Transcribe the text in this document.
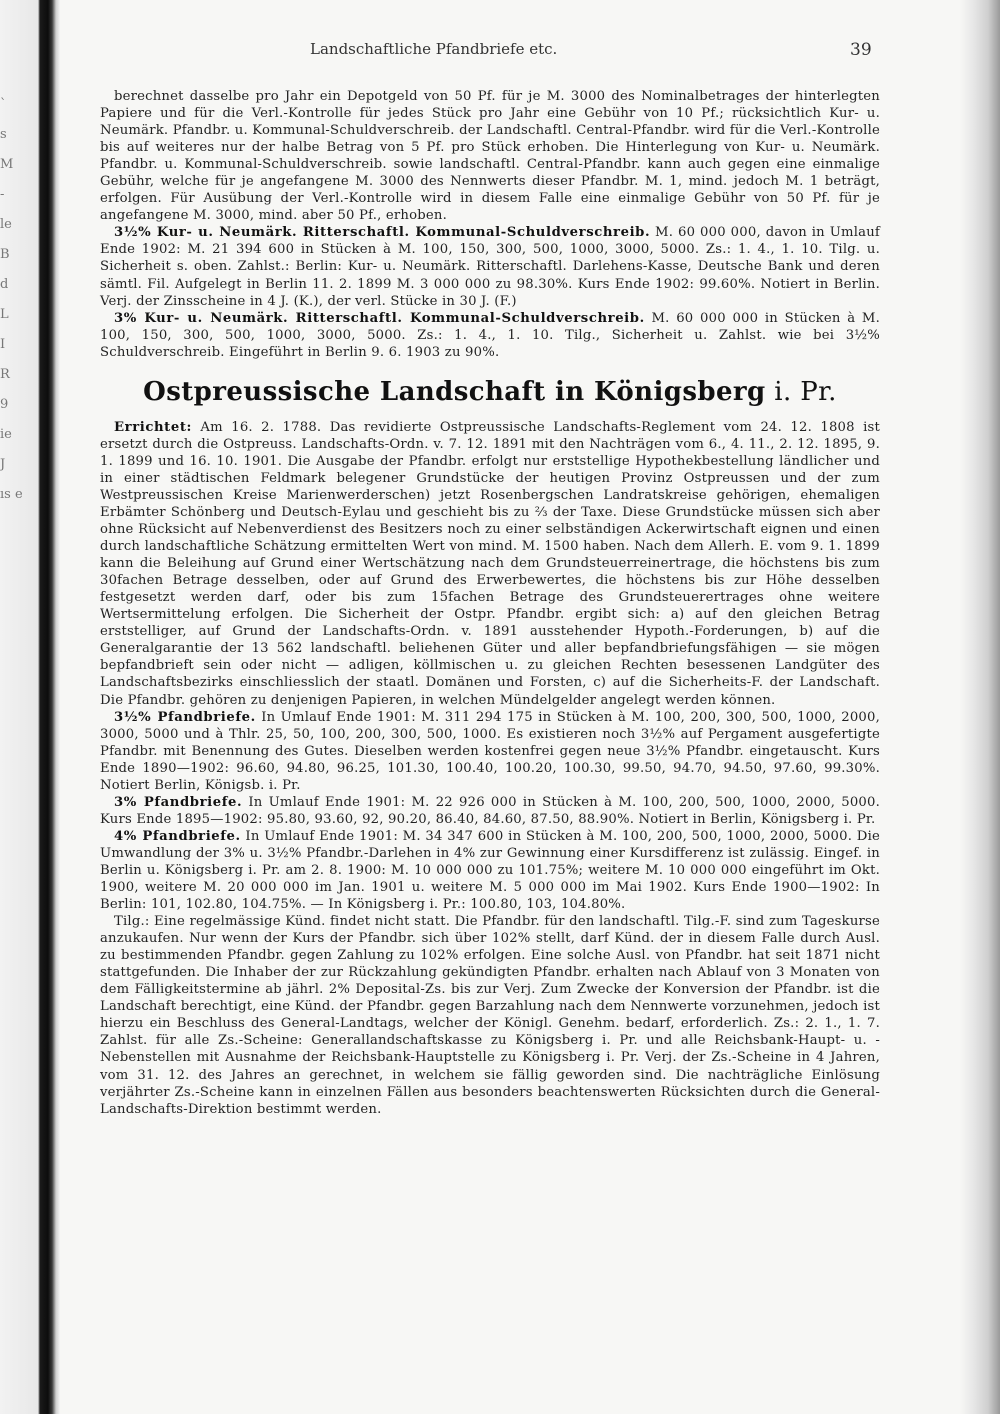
ˋ
s
M
-
le
B
d
L
I
R
9
ie
J
ıs e
Landschaftliche Pfandbriefe etc.	39

berechnet dasselbe pro Jahr ein Depotgeld von 50 Pf. für je M. 3000 des Nominalbetrages der hinterlegten Papiere und für die Verl.-Kontrolle für jedes Stück pro Jahr eine Gebühr von 10 Pf.; rücksichtlich Kur- u. Neumärk. Pfandbr. u. Kommunal-Schuldverschreib. der Landschaftl. Central-Pfandbr. wird für die Verl.-Kontrolle bis auf weiteres nur der halbe Betrag von 5 Pf. pro Stück erhoben. Die Hinterlegung von Kur- u. Neumärk. Pfandbr. u. Kommunal-Schuldverschreib. sowie landschaftl. Central-Pfandbr. kann auch gegen eine einmalige Gebühr, welche für je angefangene M. 3000 des Nennwerts dieser Pfandbr. M. 1, mind. jedoch M. 1 beträgt, erfolgen. Für Ausübung der Verl.-Kontrolle wird in diesem Falle eine einmalige Gebühr von 50 Pf. für je angefangene M. 3000, mind. aber 50 Pf., erhoben.

3½% Kur- u. Neumärk. Ritterschaftl. Kommunal-Schuldverschreib. M. 60 000 000, davon in Umlauf Ende 1902: M. 21 394 600 in Stücken à M. 100, 150, 300, 500, 1000, 3000, 5000. Zs.: 1. 4., 1. 10. Tilg. u. Sicherheit s. oben. Zahlst.: Berlin: Kur- u. Neumärk. Ritterschaftl. Darlehens-Kasse, Deutsche Bank und deren sämtl. Fil. Aufgelegt in Berlin 11. 2. 1899 M. 3 000 000 zu 98.30%. Kurs Ende 1902: 99.60%. Notiert in Berlin. Verj. der Zinsscheine in 4 J. (K.), der verl. Stücke in 30 J. (F.)

3% Kur- u. Neumärk. Ritterschaftl. Kommunal-Schuldverschreib. M. 60 000 000 in Stücken à M. 100, 150, 300, 500, 1000, 3000, 5000. Zs.: 1. 4., 1. 10. Tilg., Sicherheit u. Zahlst. wie bei 3½% Schuldverschreib. Eingeführt in Berlin 9. 6. 1903 zu 90%.

Ostpreussische Landschaft in Königsberg i. Pr.

Errichtet: Am 16. 2. 1788. Das revidierte Ostpreussische Landschafts-Reglement vom 24. 12. 1808 ist ersetzt durch die Ostpreuss. Landschafts-Ordn. v. 7. 12. 1891 mit den Nachträgen vom 6., 4. 11., 2. 12. 1895, 9. 1. 1899 und 16. 10. 1901. Die Ausgabe der Pfandbr. erfolgt nur erststellige Hypothekbestellung ländlicher und in einer städtischen Feldmark belegener Grundstücke der heutigen Provinz Ostpreussen und der zum Westpreussischen Kreise Marienwerderschen) jetzt Rosenbergschen Landratskreise gehörigen, ehemaligen Erbämter Schönberg und Deutsch-Eylau und geschieht bis zu ⅔ der Taxe. Diese Grundstücke müssen sich aber ohne Rücksicht auf Nebenverdienst des Besitzers noch zu einer selbständigen Ackerwirtschaft eignen und einen durch landschaftliche Schätzung ermittelten Wert von mind. M. 1500 haben. Nach dem Allerh. E. vom 9. 1. 1899 kann die Beleihung auf Grund einer Wertschätzung nach dem Grundsteuerreinertrage, die höchstens bis zum 30fachen Betrage desselben, oder auf Grund des Erwerbewertes, die höchstens bis zur Höhe desselben festgesetzt werden darf, oder bis zum 15fachen Betrage des Grundsteuerertrages ohne weitere Wertsermittelung erfolgen. Die Sicherheit der Ostpr. Pfandbr. ergibt sich: a) auf den gleichen Betrag erststelliger, auf Grund der Landschafts-Ordn. v. 1891 ausstehender Hypoth.-Forderungen, b) auf die Generalgarantie der 13 562 landschaftl. beliehenen Güter und aller bepfandbriefungsfähigen — sie mögen bepfandbrieft sein oder nicht — adligen, köllmischen u. zu gleichen Rechten besessenen Landgüter des Landschaftsbezirks einschliesslich der staatl. Domänen und Forsten, c) auf die Sicherheits-F. der Landschaft. Die Pfandbr. gehören zu denjenigen Papieren, in welchen Mündelgelder angelegt werden können.

3½% Pfandbriefe. In Umlauf Ende 1901: M. 311 294 175 in Stücken à M. 100, 200, 300, 500, 1000, 2000, 3000, 5000 und à Thlr. 25, 50, 100, 200, 300, 500, 1000. Es existieren noch 3½% auf Pergament ausgefertigte Pfandbr. mit Benennung des Gutes. Dieselben werden kostenfrei gegen neue 3½% Pfandbr. eingetauscht. Kurs Ende 1890—1902: 96.60, 94.80, 96.25, 101.30, 100.40, 100.20, 100.30, 99.50, 94.70, 94.50, 97.60, 99.30%. Notiert Berlin, Königsb. i. Pr.

3% Pfandbriefe. In Umlauf Ende 1901: M. 22 926 000 in Stücken à M. 100, 200, 500, 1000, 2000, 5000. Kurs Ende 1895—1902: 95.80, 93.60, 92, 90.20, 86.40, 84.60, 87.50, 88.90%. Notiert in Berlin, Königsberg i. Pr.

4% Pfandbriefe. In Umlauf Ende 1901: M. 34 347 600 in Stücken à M. 100, 200, 500, 1000, 2000, 5000. Die Umwandlung der 3% u. 3½% Pfandbr.-Darlehen in 4% zur Gewinnung einer Kursdifferenz ist zulässig. Eingef. in Berlin u. Königsberg i. Pr. am 2. 8. 1900: M. 10 000 000 zu 101.75%; weitere M. 10 000 000 eingeführt im Okt. 1900, weitere M. 20 000 000 im Jan. 1901 u. weitere M. 5 000 000 im Mai 1902. Kurs Ende 1900—1902: In Berlin: 101, 102.80, 104.75%. — In Königsberg i. Pr.: 100.80, 103, 104.80%.

Tilg.: Eine regelmässige Künd. findet nicht statt. Die Pfandbr. für den landschaftl. Tilg.-F. sind zum Tageskurse anzukaufen. Nur wenn der Kurs der Pfandbr. sich über 102% stellt, darf Künd. der in diesem Falle durch Ausl. zu bestimmenden Pfandbr. gegen Zahlung zu 102% erfolgen. Eine solche Ausl. von Pfandbr. hat seit 1871 nicht stattgefunden. Die Inhaber der zur Rückzahlung gekündigten Pfandbr. erhalten nach Ablauf von 3 Monaten von dem Fälligkeitstermine ab jährl. 2% Deposital-Zs. bis zur Verj. Zum Zwecke der Konversion der Pfandbr. ist die Landschaft berechtigt, eine Künd. der Pfandbr. gegen Barzahlung nach dem Nennwerte vorzunehmen, jedoch ist hierzu ein Beschluss des General-Landtags, welcher der Königl. Genehm. bedarf, erforderlich. Zs.: 2. 1., 1. 7. Zahlst. für alle Zs.-Scheine: Generallandschaftskasse zu Königsberg i. Pr. und alle Reichsbank-Haupt- u. -Nebenstellen mit Ausnahme der Reichsbank-Hauptstelle zu Königsberg i. Pr. Verj. der Zs.-Scheine in 4 Jahren, vom 31. 12. des Jahres an gerechnet, in welchem sie fällig geworden sind. Die nachträgliche Einlösung verjährter Zs.-Scheine kann in einzelnen Fällen aus besonders beachtenswerten Rücksichten durch die General-Landschafts-Direktion bestimmt werden.
